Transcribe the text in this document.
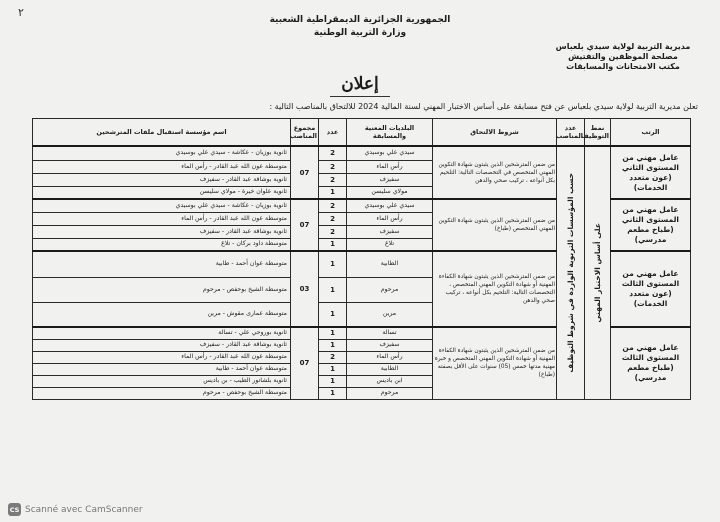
٢
الجمهورية الجزائرية الديمقراطية الشعبية
وزارة التربية الوطنية
مديرية التربية لولاية سيدي بلعباس
مصلحة الموظفين والتفتيش
مكتب الامتحانات والمسابقات
إعلان
تعلن مديرية التربية لولاية سيدي بلعباس عن فتح مسابقة على أساس الاختبار المهني لسنة المالية 2024 للالتحاق بالمناصب التالية :
الرتب	نمط التوظيف	عدد المناصب	شروط الالتحاق	البلديات المعنية والمسابقة	عدد	مجموع المناصب	اسم مؤسسة استقبال ملفات المترشحين
عامل مهني من المستوى الثاني (عون متعدد الخدمات)	على أساس الاختبار المهني	حسب المؤسسات التربوية الواردة في شروط التوظيف	من ضمن المترشحين الذين يثبتون شهادة التكوين المهني المتخصص في التخصصات التالية: التلحيم بكل أنواعه ، تركيب صحي والدهن	سيدي علي بوسيدي	2	07	ثانوية بوزيان - عكاشة - سيدي علي بوسيدي
				رأس الماء	2		متوسطة عون الله عبد القادر - رأس الماء
				سفيزف	2		ثانوية بوشاقة عبد القادر - سفيزف
				مولاي سليسن	1		ثانوية علوان خيرة - مولاي سليسن
عامل مهني من المستوى الثاني (طباخ مطعم مدرسي)			من ضمن المترشحين الذين يثبتون شهادة التكوين المهني المتخصص (طباخ)	سيدي علي بوسيدي	2	07	ثانوية بوزيان - عكاشة - سيدي علي بوسيدي
				رأس الماء	2		متوسطة عون الله عبد القادر - رأس الماء
				سفيزف	2		ثانوية بوشاقة عبد القادر - سفيزف
				تلاغ	1		متوسطة داود بركان - تلاغ
عامل مهني من المستوى الثالث (عون متعدد الخدمات)			من ضمن المترشحين الذين يثبتون شهادة الكفاءة المهنية أو شهادة التكوين المهني المتخصص ، التخصصات التالية: التلحيم بكل أنواعه ، تركيب صحي والدهن	الطابية	1	03	متوسطة عوان أحمد - طابية
				مرحوم	1		متوسطة الشيخ بوحفص - مرحوم
				مرين	1		متوسطة عمارى مقوش - مرين
عامل مهني من المستوى الثالث (طباخ مطعم مدرسي)			من ضمن المترشحين الذين يثبتون شهادة الكفاءة المهنية أو شهادة التكوين المهني المتخصص و خبرة مهنية مدتها خمس (05) سنوات على الأقل بصفته (طباخ)	تسالة	1	07	ثانوية بوروحي علي - تسالة
				سفيزف	1		ثانوية بوشاقة عبد القادر - سفيزف
				رأس الماء	2		متوسطة عون الله عبد القادر - رأس الماء
				الطابية	1		متوسطة عوان أحمد - طابية
				ابن باديس	1		ثانوية بلشاتور الطيب - بن باديس
				مرحوم	1		متوسطة الشيخ بوحفص - مرحوم
CS Scanné avec CamScanner
